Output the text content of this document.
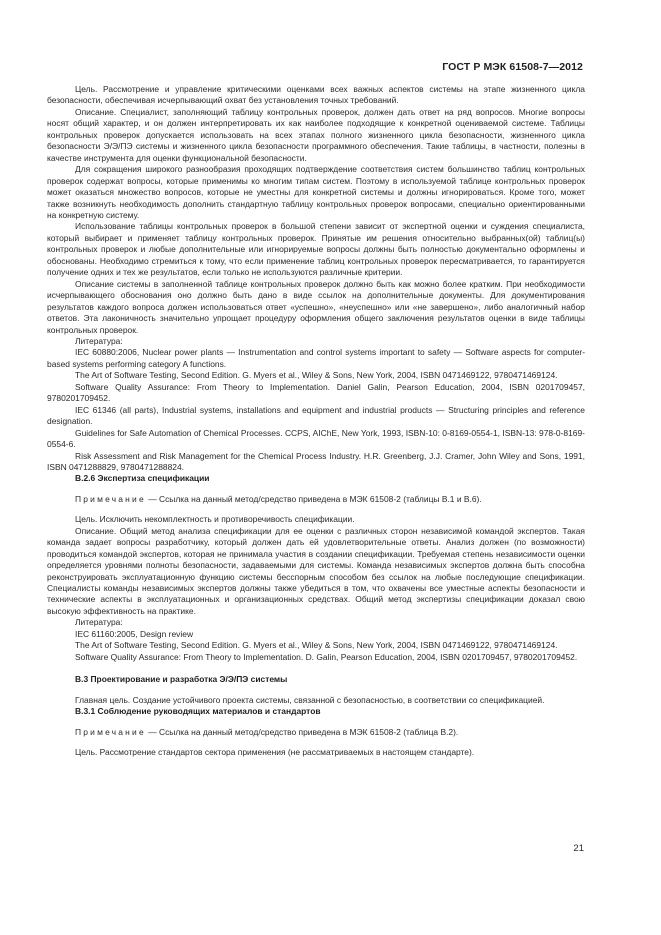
ГОСТ Р МЭК 61508-7—2012

Цель. Рассмотрение и управление критическими оценками всех важных аспектов системы на этапе жизненного цикла безопасности, обеспечивая исчерпывающий охват без установления точных требований.

Описание. Специалист, заполняющий таблицу контрольных проверок, должен дать ответ на ряд вопросов. Многие вопросы носят общий характер, и он должен интерпретировать их как наиболее подходящие к конкретной оцениваемой системе. Таблицы контрольных проверок допускается использовать на всех этапах полного жизненного цикла безопасности, жизненного цикла безопасности Э/Э/ПЭ системы и жизненного цикла безопасности программного обеспечения. Такие таблицы, в частности, полезны в качестве инструмента для оценки функциональной безопасности.

Для сокращения широкого разнообразия проходящих подтверждение соответствия систем большинство таблиц контрольных проверок содержат вопросы, которые применимы ко многим типам систем. Поэтому в используемой таблице контрольных проверок может оказаться множество вопросов, которые не уместны для конкретной системы и должны игнорироваться. Кроме того, может также возникнуть необходимость дополнить стандартную таблицу контрольных проверок вопросами, специально ориентированными на конкретную систему.

Использование таблицы контрольных проверок в большой степени зависит от экспертной оценки и суждения специалиста, который выбирает и применяет таблицу контрольных проверок. Принятые им решения относительно выбранных(ой) таблиц(ы) контрольных проверок и любые дополнительные или игнорируемые вопросы должны быть полностью документально оформлены и обоснованы. Необходимо стремиться к тому, что если применение таблиц контрольных проверок пересматривается, то гарантируется получение одних и тех же результатов, если только не используются различные критерии.

Описание системы в заполненной таблице контрольных проверок должно быть как можно более кратким. При необходимости исчерпывающего обоснования оно должно быть дано в виде ссылок на дополнительные документы. Для документирования результатов каждого вопроса должен использоваться ответ «успешно», «неуспешно» или «не завершено», либо аналогичный набор ответов. Эта лаконичность значительно упрощает процедуру оформления общего заключения результатов оценки в виде таблицы контрольных проверок.

Литература:

IEC 60880:2006, Nuclear power plants — Instrumentation and control systems important to safety — Software aspects for computer-based systems performing category A functions.

The Art of Software Testing, Second Edition. G. Myers et al., Wiley & Sons, New York, 2004, ISBN 0471469122, 9780471469124.

Software Quality Assurance: From Theory to Implementation. Daniel Galin, Pearson Education, 2004, ISBN 0201709457, 9780201709452.

IEC 61346 (all parts), Industrial systems, installations and equipment and industrial products — Structuring principles and reference designation.

Guidelines for Safe Automation of Chemical Processes. CCPS, AIChE, New York, 1993, ISBN-10: 0-8169-0554-1, ISBN-13: 978-0-8169-0554-6.

Risk Assessment and Risk Management for the Chemical Process Industry. H.R. Greenberg, J.J. Cramer, John Wiley and Sons, 1991, ISBN 0471288829, 9780471288824.

В.2.6 Экспертиза спецификации

Примечание — Ссылка на данный метод/средство приведена в МЭК 61508-2 (таблицы В.1 и В.6).

Цель. Исключить некомплектность и противоречивость спецификации.

Описание. Общий метод анализа спецификации для ее оценки с различных сторон независимой командой экспертов. Такая команда задает вопросы разработчику, который должен дать ей удовлетворительные ответы. Анализ должен (по возможности) проводиться командой экспертов, которая не принимала участия в создании спецификации. Требуемая степень независимости оценки определяется уровнями полноты безопасности, задаваемыми для системы. Команда независимых экспертов должна быть способна реконструировать эксплуатационную функцию системы бесспорным способом без ссылок на любые последующие спецификации. Специалисты команды независимых экспертов должны также убедиться в том, что охвачены все уместные аспекты безопасности и технические аспекты в эксплуатационных и организационных средствах. Общий метод экспертизы спецификации доказал свою высокую эффективность на практике.

Литература:

IEC 61160:2005, Design review

The Art of Software Testing, Second Edition. G. Myers et al., Wiley & Sons, New York, 2004, ISBN 0471469122, 9780471469124.

Software Quality Assurance: From Theory to Implementation. D. Galin, Pearson Education, 2004, ISBN 0201709457, 9780201709452.

В.3 Проектирование и разработка Э/Э/ПЭ системы

Главная цель. Создание устойчивого проекта системы, связанной с безопасностью, в соответствии со спецификацией.

В.3.1 Соблюдение руководящих материалов и стандартов

Примечание — Ссылка на данный метод/средство приведена в МЭК 61508-2 (таблица В.2).

Цель. Рассмотрение стандартов сектора применения (не рассматриваемых в настоящем стандарте).

21
